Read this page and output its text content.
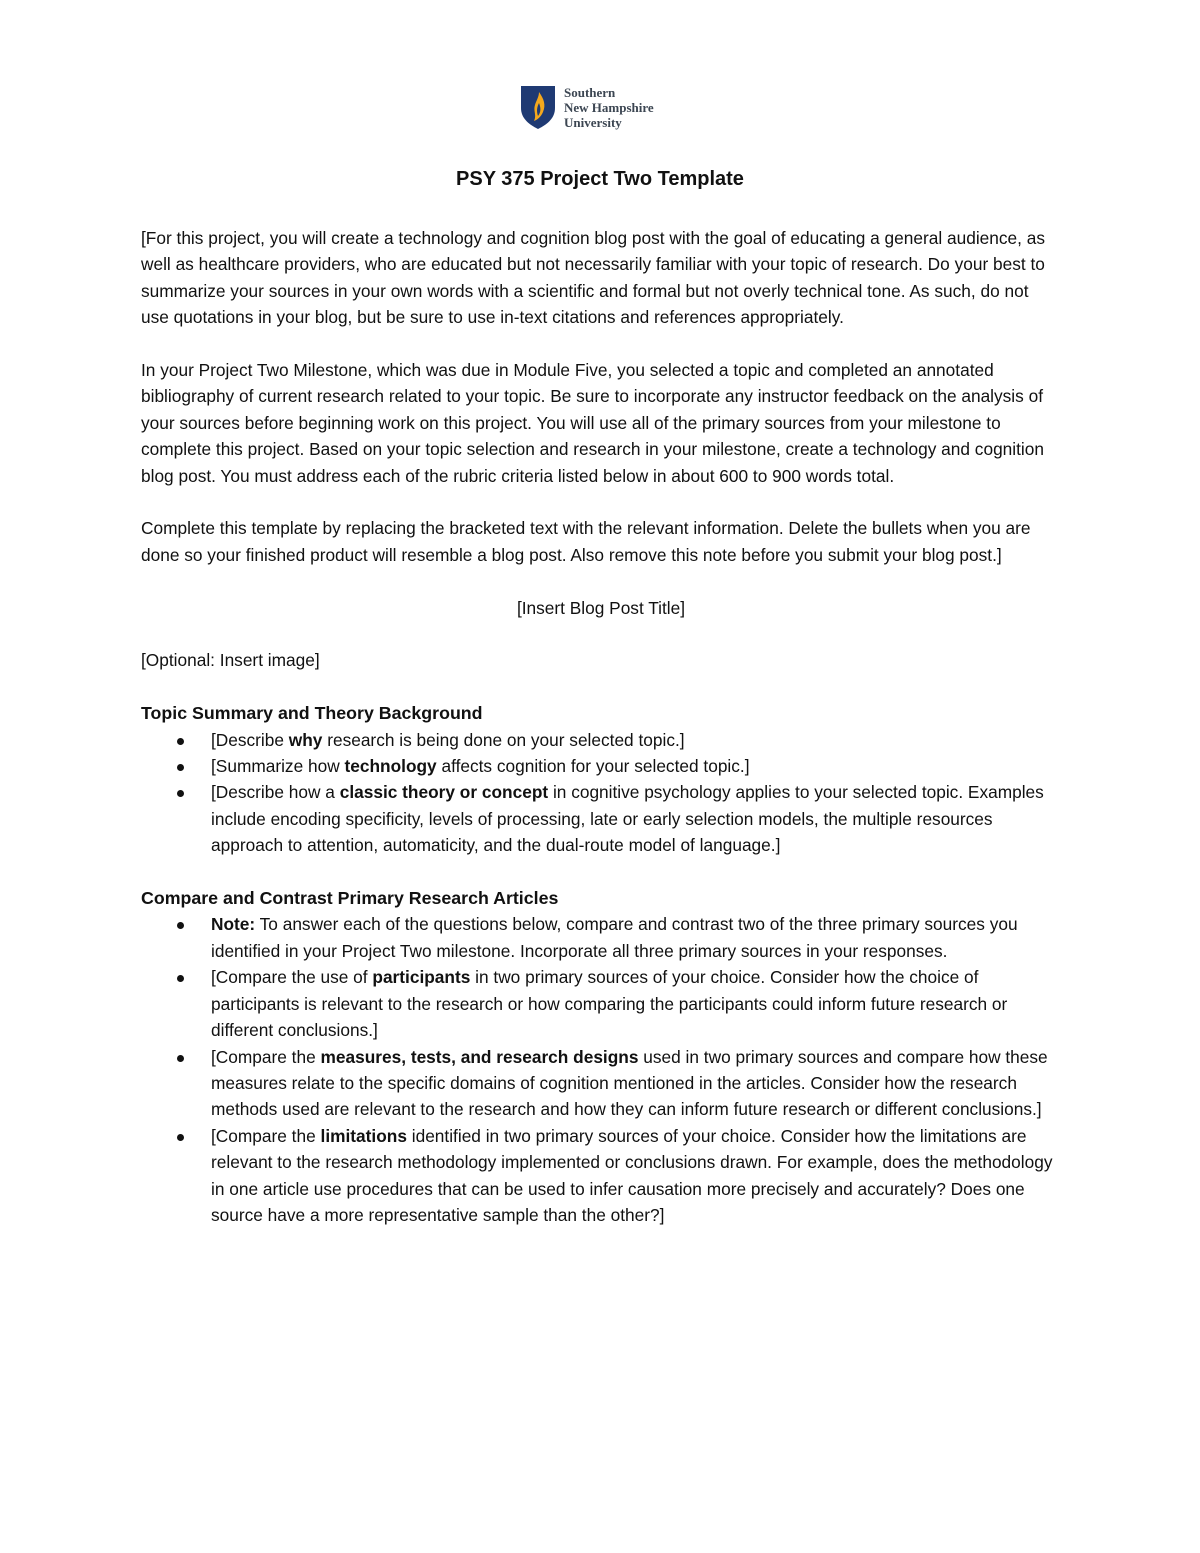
Southern
New Hampshire
University
PSY 375 Project Two Template

[For this project, you will create a technology and cognition blog post with the goal of educating a general audience, as well as healthcare providers, who are educated but not necessarily familiar with your topic of research. Do your best to summarize your sources in your own words with a scientific and formal but not overly technical tone. As such, do not use quotations in your blog, but be sure to use in-text citations and references appropriately.

In your Project Two Milestone, which was due in Module Five, you selected a topic and completed an annotated bibliography of current research related to your topic. Be sure to incorporate any instructor feedback on the analysis of your sources before beginning work on this project. You will use all of the primary sources from your milestone to complete this project. Based on your topic selection and research in your milestone, create a technology and cognition blog post. You must address each of the rubric criteria listed below in about 600 to 900 words total.

Complete this template by replacing the bracketed text with the relevant information. Delete the bullets when you are done so your finished product will resemble a blog post. Also remove this note before you submit your blog post.]

[Insert Blog Post Title]

[Optional: Insert image]

Topic Summary and Theory Background

[Describe why research is being done on your selected topic.]
[Summarize how technology affects cognition for your selected topic.]
[Describe how a classic theory or concept in cognitive psychology applies to your selected topic. Examples include encoding specificity, levels of processing, late or early selection models, the multiple resources approach to attention, automaticity, and the dual-route model of language.]

Compare and Contrast Primary Research Articles

Note: To answer each of the questions below, compare and contrast two of the three primary sources you identified in your Project Two milestone. Incorporate all three primary sources in your responses.
[Compare the use of participants in two primary sources of your choice. Consider how the choice of participants is relevant to the research or how comparing the participants could inform future research or different conclusions.]
[Compare the measures, tests, and research designs used in two primary sources and compare how these measures relate to the specific domains of cognition mentioned in the articles. Consider how the research methods used are relevant to the research and how they can inform future research or different conclusions.]
[Compare the limitations identified in two primary sources of your choice. Consider how the limitations are relevant to the research methodology implemented or conclusions drawn. For example, does the methodology in one article use procedures that can be used to infer causation more precisely and accurately? Does one source have a more representative sample than the other?]
